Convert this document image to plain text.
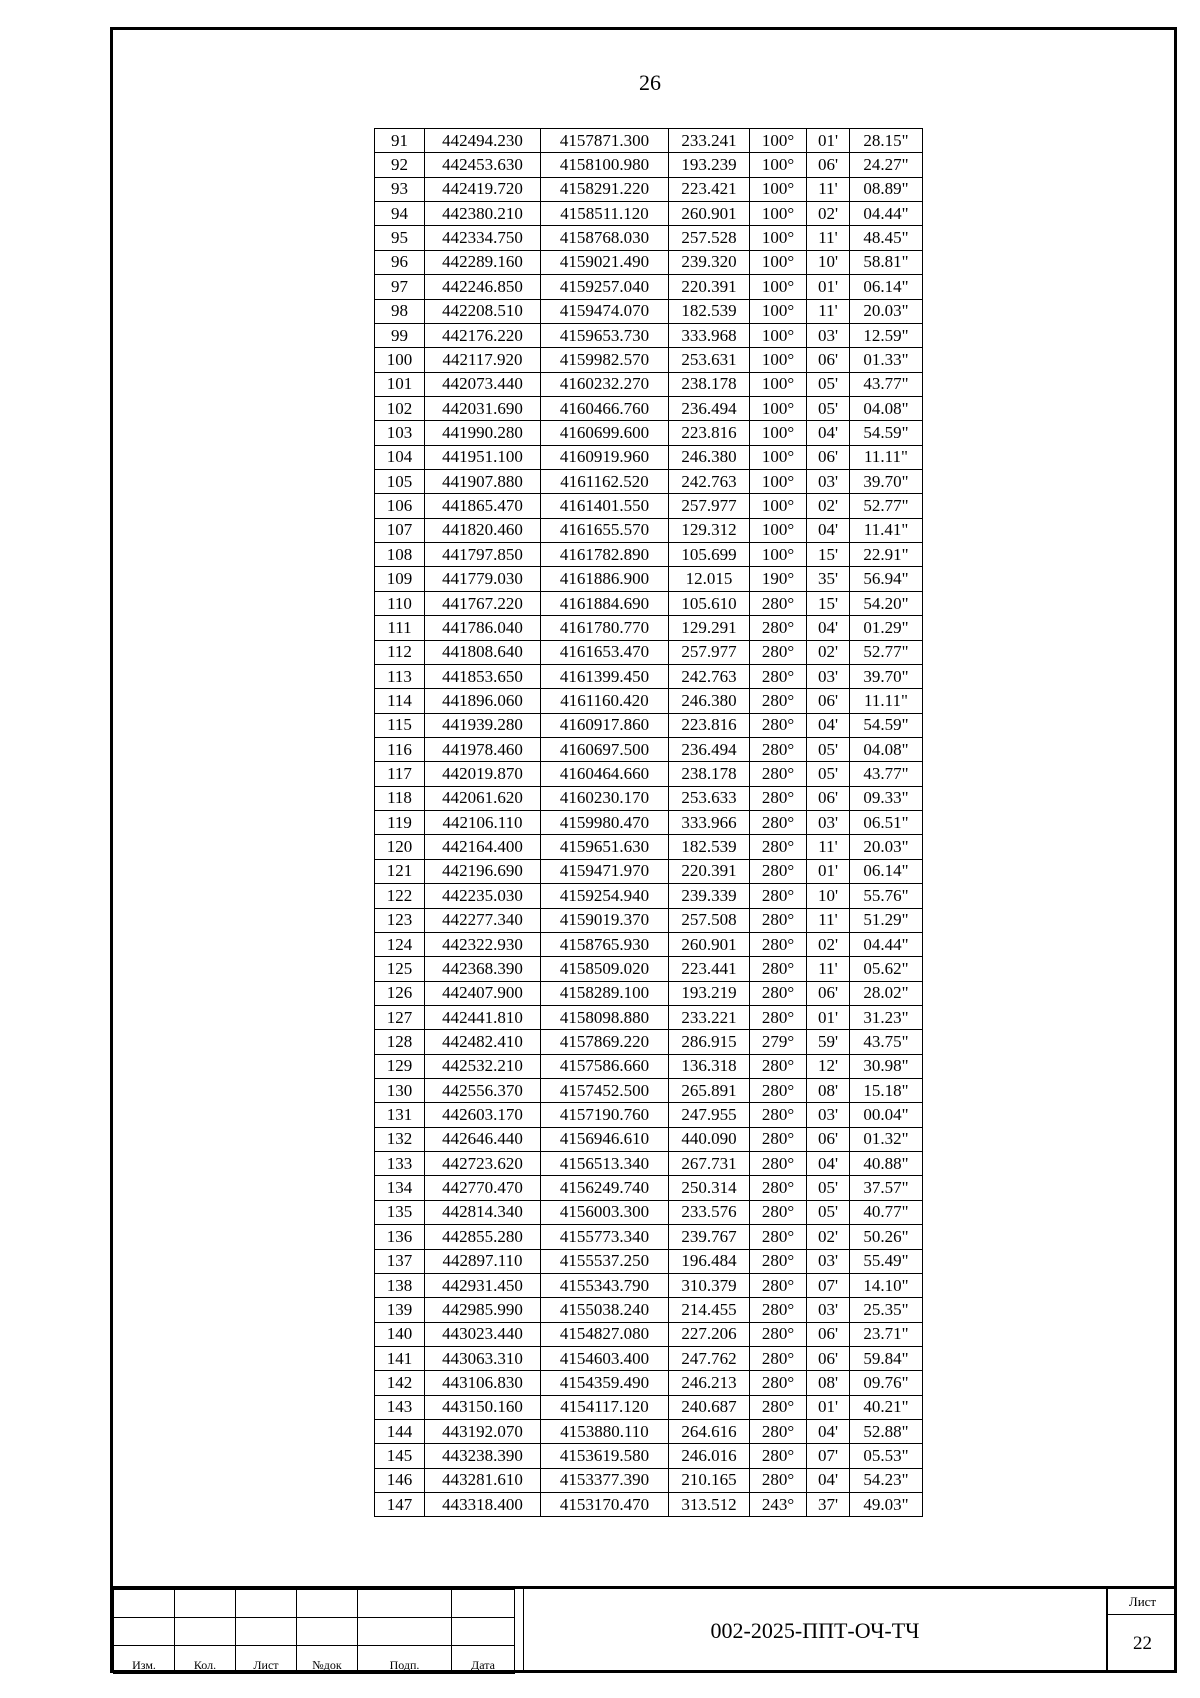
26
91	442494.230	4157871.300	233.241	100°	01'	28.15"
92	442453.630	4158100.980	193.239	100°	06'	24.27"
93	442419.720	4158291.220	223.421	100°	11'	08.89"
94	442380.210	4158511.120	260.901	100°	02'	04.44"
95	442334.750	4158768.030	257.528	100°	11'	48.45"
96	442289.160	4159021.490	239.320	100°	10'	58.81"
97	442246.850	4159257.040	220.391	100°	01'	06.14"
98	442208.510	4159474.070	182.539	100°	11'	20.03"
99	442176.220	4159653.730	333.968	100°	03'	12.59"
100	442117.920	4159982.570	253.631	100°	06'	01.33"
101	442073.440	4160232.270	238.178	100°	05'	43.77"
102	442031.690	4160466.760	236.494	100°	05'	04.08"
103	441990.280	4160699.600	223.816	100°	04'	54.59"
104	441951.100	4160919.960	246.380	100°	06'	11.11"
105	441907.880	4161162.520	242.763	100°	03'	39.70"
106	441865.470	4161401.550	257.977	100°	02'	52.77"
107	441820.460	4161655.570	129.312	100°	04'	11.41"
108	441797.850	4161782.890	105.699	100°	15'	22.91"
109	441779.030	4161886.900	12.015	190°	35'	56.94"
110	441767.220	4161884.690	105.610	280°	15'	54.20"
111	441786.040	4161780.770	129.291	280°	04'	01.29"
112	441808.640	4161653.470	257.977	280°	02'	52.77"
113	441853.650	4161399.450	242.763	280°	03'	39.70"
114	441896.060	4161160.420	246.380	280°	06'	11.11"
115	441939.280	4160917.860	223.816	280°	04'	54.59"
116	441978.460	4160697.500	236.494	280°	05'	04.08"
117	442019.870	4160464.660	238.178	280°	05'	43.77"
118	442061.620	4160230.170	253.633	280°	06'	09.33"
119	442106.110	4159980.470	333.966	280°	03'	06.51"
120	442164.400	4159651.630	182.539	280°	11'	20.03"
121	442196.690	4159471.970	220.391	280°	01'	06.14"
122	442235.030	4159254.940	239.339	280°	10'	55.76"
123	442277.340	4159019.370	257.508	280°	11'	51.29"
124	442322.930	4158765.930	260.901	280°	02'	04.44"
125	442368.390	4158509.020	223.441	280°	11'	05.62"
126	442407.900	4158289.100	193.219	280°	06'	28.02"
127	442441.810	4158098.880	233.221	280°	01'	31.23"
128	442482.410	4157869.220	286.915	279°	59'	43.75"
129	442532.210	4157586.660	136.318	280°	12'	30.98"
130	442556.370	4157452.500	265.891	280°	08'	15.18"
131	442603.170	4157190.760	247.955	280°	03'	00.04"
132	442646.440	4156946.610	440.090	280°	06'	01.32"
133	442723.620	4156513.340	267.731	280°	04'	40.88"
134	442770.470	4156249.740	250.314	280°	05'	37.57"
135	442814.340	4156003.300	233.576	280°	05'	40.77"
136	442855.280	4155773.340	239.767	280°	02'	50.26"
137	442897.110	4155537.250	196.484	280°	03'	55.49"
138	442931.450	4155343.790	310.379	280°	07'	14.10"
139	442985.990	4155038.240	214.455	280°	03'	25.35"
140	443023.440	4154827.080	227.206	280°	06'	23.71"
141	443063.310	4154603.400	247.762	280°	06'	59.84"
142	443106.830	4154359.490	246.213	280°	08'	09.76"
143	443150.160	4154117.120	240.687	280°	01'	40.21"
144	443192.070	4153880.110	264.616	280°	04'	52.88"
145	443238.390	4153619.580	246.016	280°	07'	05.53"
146	443281.610	4153377.390	210.165	280°	04'	54.23"
147	443318.400	4153170.470	313.512	243°	37'	49.03"

Изм.	Кол.	Лист	№док	Подп.	Дата
002-2025-ППТ-ОЧ-ТЧ
Лист
22
